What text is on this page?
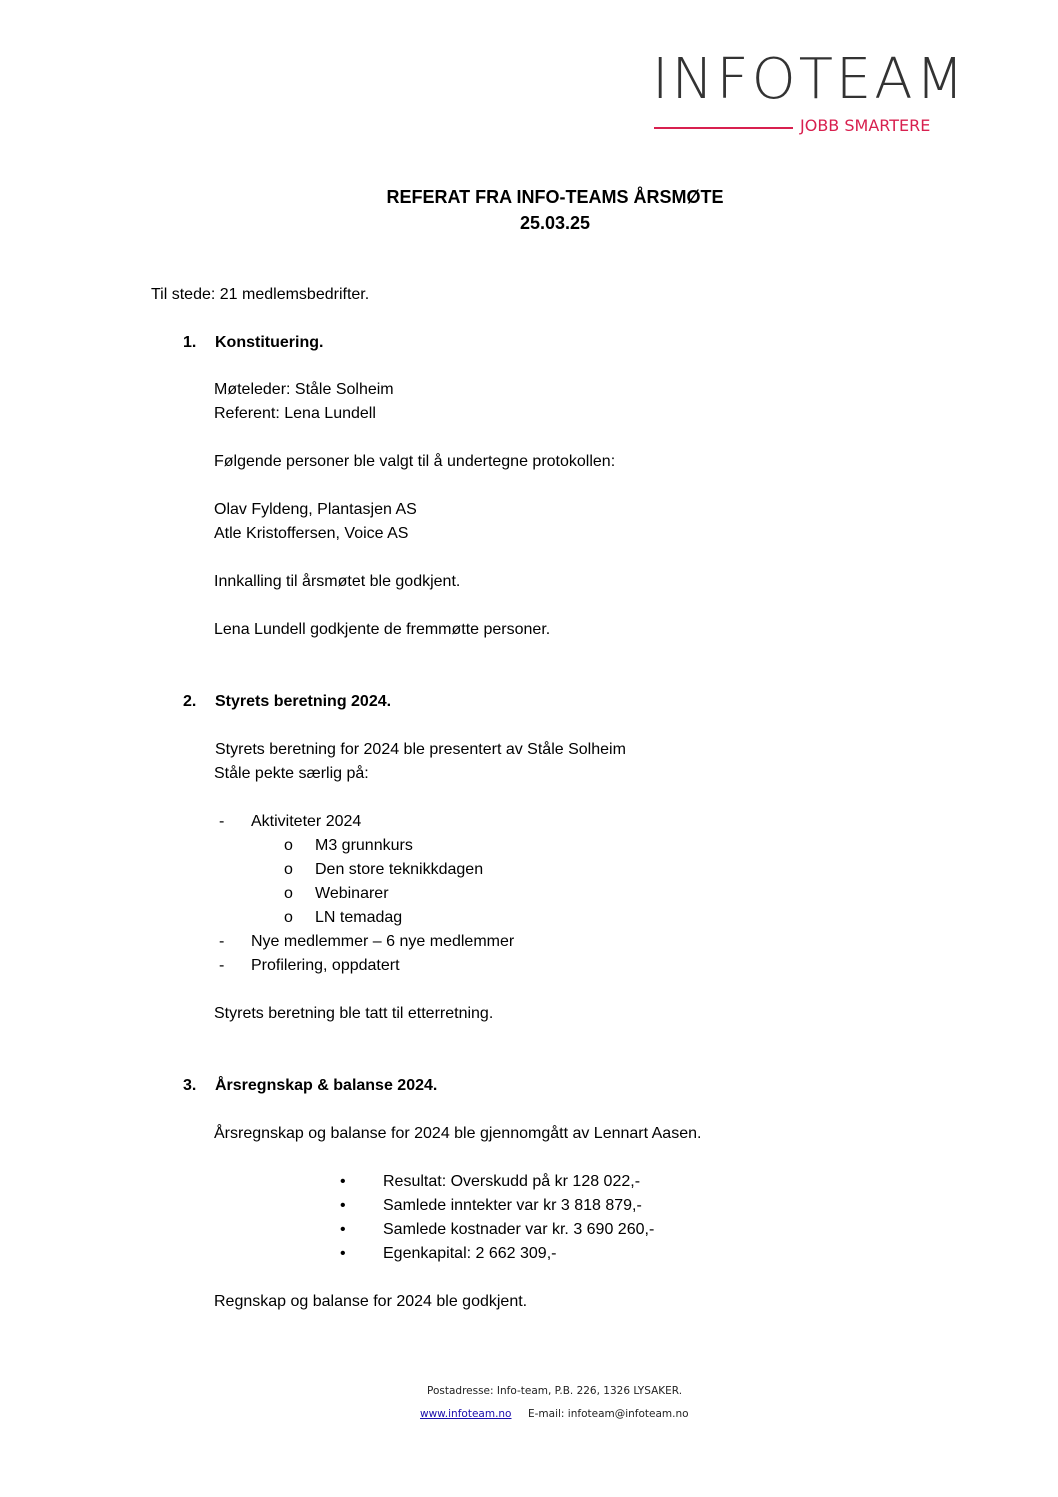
INFOTEAM
JOBB SMARTERE
REFERAT FRA INFO-TEAMS ÅRSMØTE
25.03.25
Til stede: 21 medlemsbedrifter.
1. Konstituering.
Møteleder: Ståle Solheim
Referent: Lena Lundell
Følgende personer ble valgt til å undertegne protokollen:
Olav Fyldeng, Plantasjen AS
Atle Kristoffersen, Voice AS
Innkalling til årsmøtet ble godkjent.
Lena Lundell godkjente de fremmøtte personer.
2. Styrets beretning 2024.
Styrets beretning for 2024 ble presentert av Ståle Solheim
Ståle pekte særlig på:
- Aktiviteter 2024
o M3 grunnkurs
o Den store teknikkdagen
o Webinarer
o LN temadag
- Nye medlemmer – 6 nye medlemmer
- Profilering, oppdatert
Styrets beretning ble tatt til etterretning.
3. Årsregnskap & balanse 2024.
Årsregnskap og balanse for 2024 ble gjennomgått av Lennart Aasen.
• Resultat: Overskudd på kr 128 022,-
• Samlede inntekter var kr 3 818 879,-
• Samlede kostnader var kr. 3 690 260,-
• Egenkapital: 2 662 309,-
Regnskap og balanse for 2024 ble godkjent.
Postadresse: Info-team, P.B. 226, 1326 LYSAKER.
www.infoteam.no E-mail: infoteam@infoteam.no
